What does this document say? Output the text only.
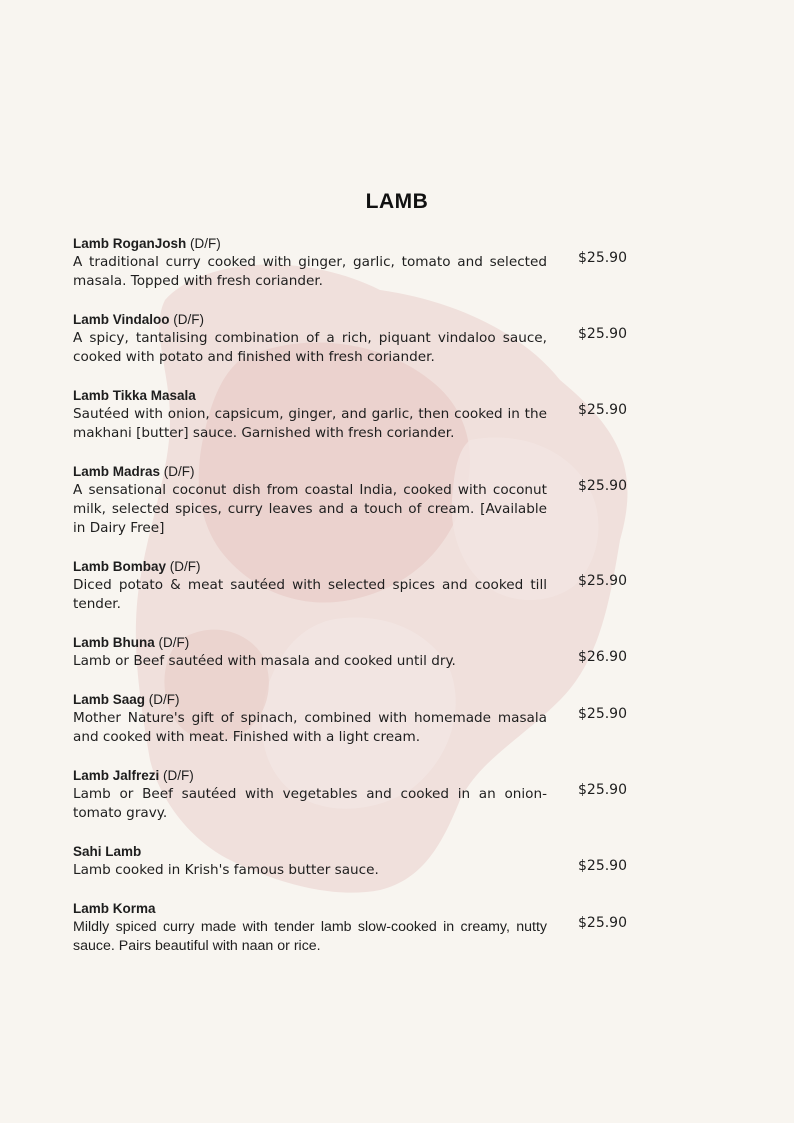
LAMB
Lamb RoganJosh (D/F)
A traditional curry cooked with ginger, garlic, tomato and selected masala. Topped with fresh coriander.
$25.90
Lamb Vindaloo (D/F)
A spicy, tantalising combination of a rich, piquant vindaloo sauce, cooked with potato and finished with fresh coriander.
$25.90
Lamb Tikka Masala
Sautéed with onion, capsicum, ginger, and garlic, then cooked in the makhani [butter] sauce. Garnished with fresh coriander.
$25.90
Lamb Madras (D/F)
A sensational coconut dish from coastal India, cooked with coconut milk, selected spices, curry leaves and a touch of cream. [Available in Dairy Free]
$25.90
Lamb Bombay (D/F)
Diced potato & meat sautéed with selected spices and cooked till tender.
$25.90
Lamb Bhuna (D/F)
Lamb or Beef sautéed with masala and cooked until dry.	$26.90
Lamb Saag (D/F)
Mother Nature's gift of spinach, combined with homemade masala and cooked with meat. Finished with a light cream.
$25.90
Lamb Jalfrezi (D/F)
Lamb or Beef sautéed with vegetables and cooked in an onion-tomato gravy.
$25.90
Sahi Lamb
Lamb cooked in Krish's famous butter sauce.	$25.90
Lamb Korma
Mildly spiced curry made with tender lamb slow-cooked in creamy, nutty sauce. Pairs beautiful with naan or rice.
$25.90
